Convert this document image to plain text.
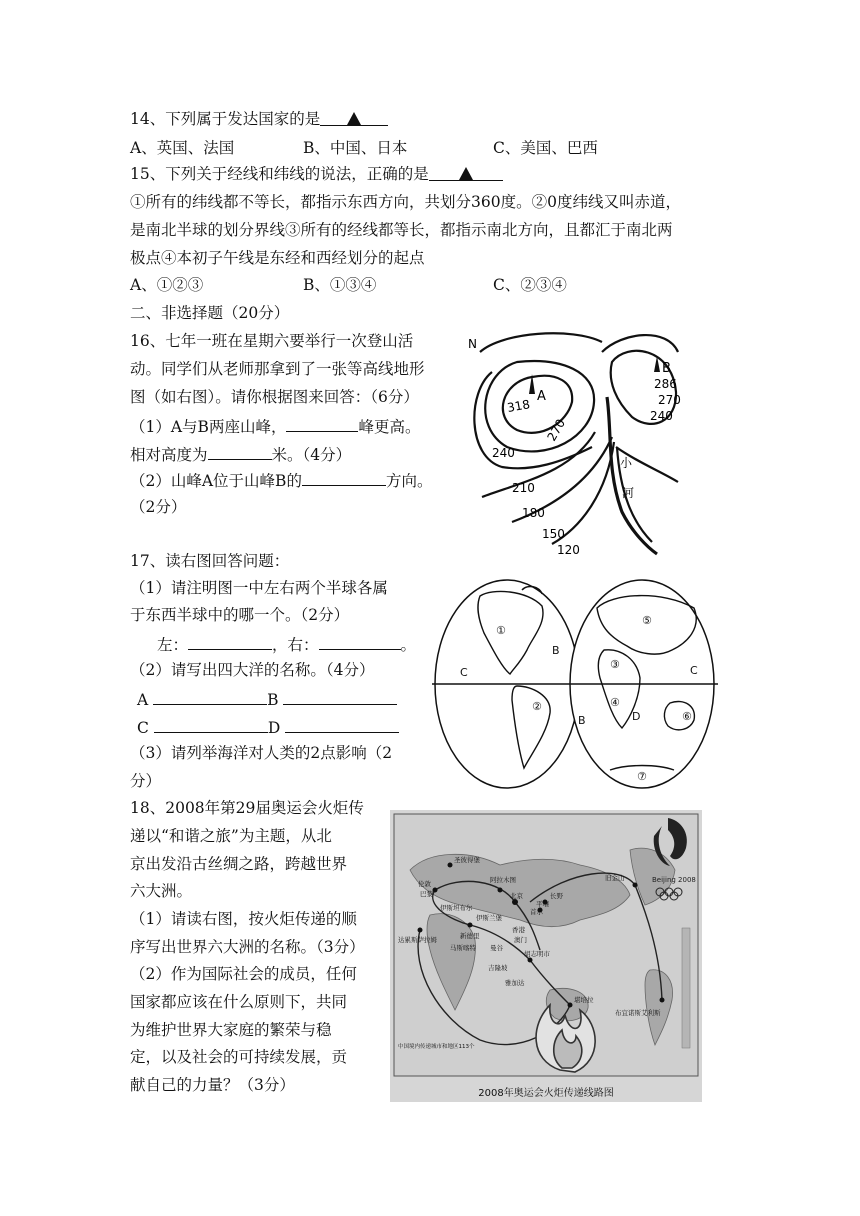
14、下列属于发达国家的是
A、英国、法国	B、中国、日本	C、美国、巴西
15、下列关于经线和纬线的说法，正确的是
①所有的纬线都不等长，都指示东西方向，共划分360度。②0度纬线又叫赤道，
是南北半球的划分界线③所有的经线都等长，都指示南北方向，且都汇于南北两
极点④本初子午线是东经和西经划分的起点
A、①②③	B、①③④	C、②③④
二、非选择题（20分）
16、七年一班在星期六要举行一次登山活
动。同学们从老师那拿到了一张等高线地形
图（如右图）。请你根据图来回答：（6分）
（1）A与B两座山峰，	峰更高。
相对高度为	米。（4分）
（2）山峰A位于山峰B的	方向。
（2分）
N
A
B
318
286
270
240
210
180
150
120
270
240
小
河
17、读右图回答问题：
（1）请注明图一中左右两个半球各属
于东西半球中的哪一个。（2分）
左：	，右：	。
（2）请写出四大洋的名称。（4分）
A	B
C	D
（3）请列举海洋对人类的2点影响（2
分）
①
②
③
④
⑤
⑥
⑦
B
C
B	D
C
18、2008年第29届奥运会火炬传
递以“和谐之旅”为主题，从北
京出发沿古丝绸之路，跨越世界
六大洲。
（1）请读右图，按火炬传递的顺
序写出世界六大洲的名称。（3分）
（2）作为国际社会的成员，任何
国家都应该在什么原则下，共同
为维护世界大家庭的繁荣与稳
定，以及社会的可持续发展，贡
献自己的力量？（3分）
圣彼得堡
伦敦
巴黎
伊斯坦布尔
阿拉木图
伊斯兰堡
新德里
曼谷
吉隆坡
雅加达
堪培拉
长野
首尔
香港
澳门
北京
旧金山
布宜诺斯艾利斯
达累斯萨拉姆
马斯喀特
平壤
胡志明市
中国境内传递城市和地区113个
Beijing 2008
2008年奥运会火炬传递线路图
